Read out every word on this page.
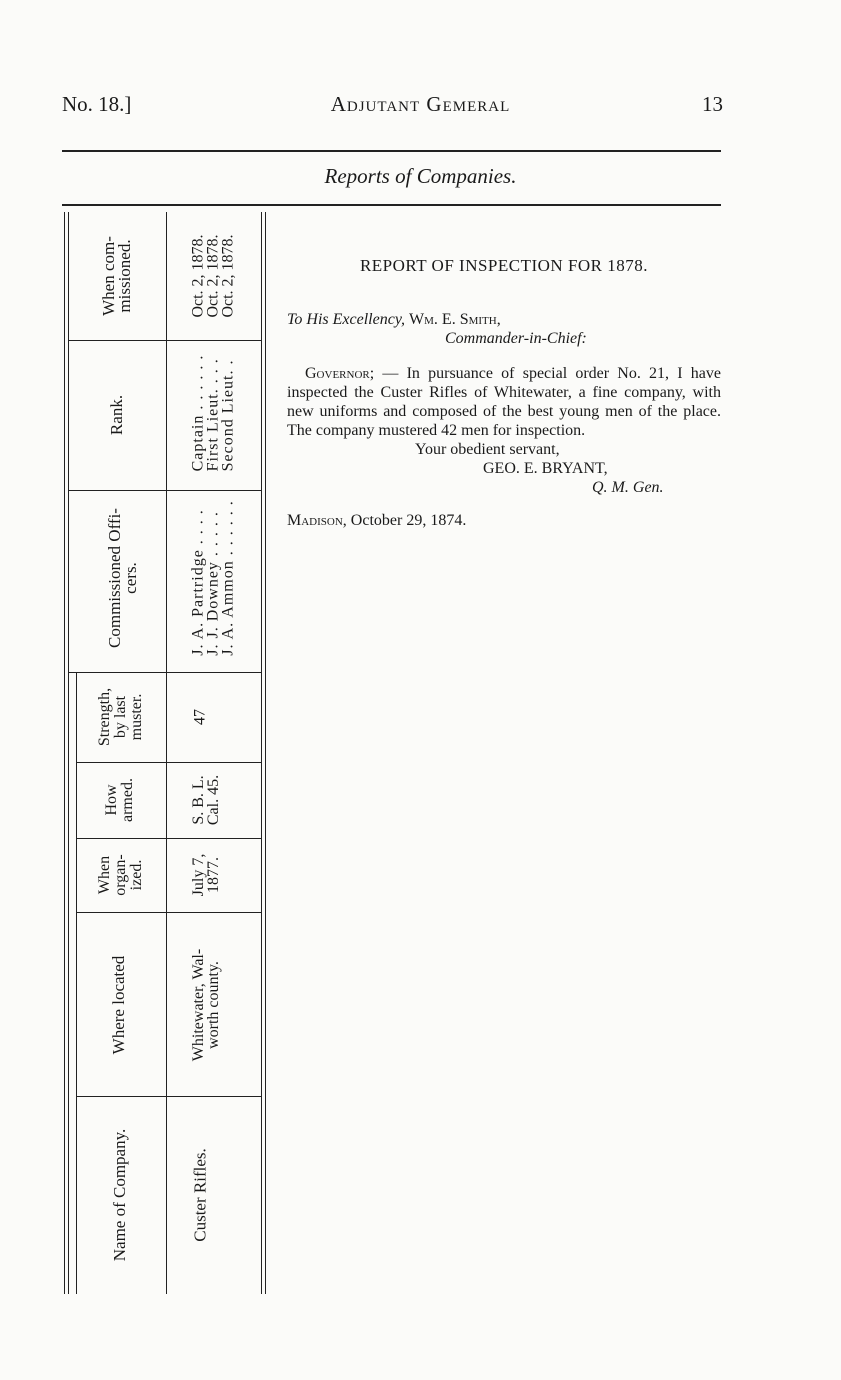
No. 18.]	Adjutant Gemeral	13
Reports of Companies.
When com-
missioned.	Oct. 2, 1878.
Oct. 2, 1878.
Oct. 2, 1878.
Rank.	Captain . . . . . .
First Lieut. . . .
Second Lieut. .
Commissioned Offi-
cers.	J. A. Partridge . . . .
J. J. Downey . . . . .
J. A. Ammon . . . . . .
Strength, by last muster.	47
How armed.	S. B. L.
Cal. 45.
When organ- ized.	July 7,
1877.
Where located	Whitewater, Wal-
worth county.
Name of Company.	Custer Rifles.
REPORT OF INSPECTION FOR 1878.
To His Excellency, Wm. E. Smith,
Commander-in-Chief:
Governor; — In pursuance of special order No. 21, I have inspected the Custer Rifles of Whitewater, a fine company, with new uniforms and composed of the best young men of the place. The company mustered 42 men for inspection.
Your obedient servant,
GEO. E. BRYANT,
Q. M. Gen.
Madison, October 29, 1874.
